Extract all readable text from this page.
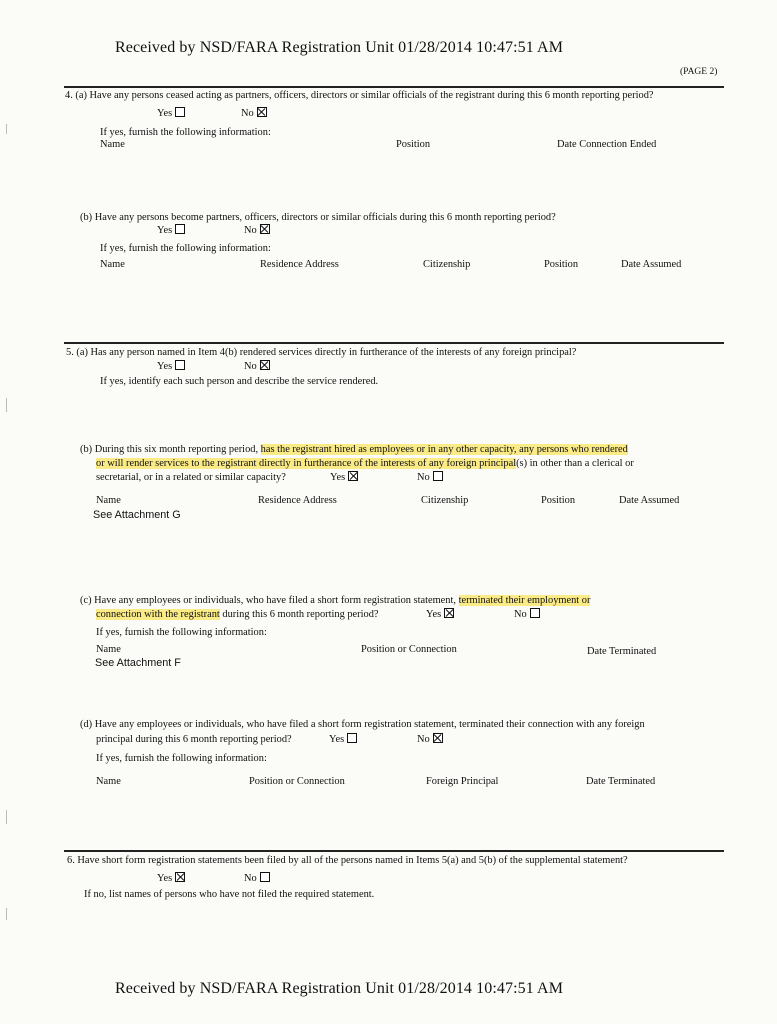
Received by NSD/FARA Registration Unit 01/28/2014 10:47:51 AM
(PAGE 2)
4. (a) Have any persons ceased acting as partners, officers, directors or similar officials of the registrant during this 6 month reporting period?
Yes	No
If yes, furnish the following information:
Name	Position	Date Connection Ended
(b) Have any persons become partners, officers, directors or similar officials during this 6 month reporting period?
Yes	No
If yes, furnish the following information:
Name	Residence Address	Citizenship	Position	Date Assumed
5. (a) Has any person named in Item 4(b) rendered services directly in furtherance of the interests of any foreign principal?
Yes	No
If yes, identify each such person and describe the service rendered.
(b) During this six month reporting period, has the registrant hired as employees or in any other capacity, any persons who rendered
or will render services to the registrant directly in furtherance of the interests of any foreign principal(s) in other than a clerical or
secretarial, or in a related or similar capacity?	Yes	No
Name	Residence Address	Citizenship	Position	Date Assumed
See Attachment G
(c) Have any employees or individuals, who have filed a short form registration statement, terminated their employment or
connection with the registrant during this 6 month reporting period?	Yes	No
If yes, furnish the following information:
Name	Position or Connection	Date Terminated
See Attachment F
(d) Have any employees or individuals, who have filed a short form registration statement, terminated their connection with any foreign
principal during this 6 month reporting period?	Yes	No
If yes, furnish the following information:
Name	Position or Connection	Foreign Principal	Date Terminated
6. Have short form registration statements been filed by all of the persons named in Items 5(a) and 5(b) of the supplemental statement?
Yes	No
If no, list names of persons who have not filed the required statement.
Received by NSD/FARA Registration Unit 01/28/2014 10:47:51 AM
